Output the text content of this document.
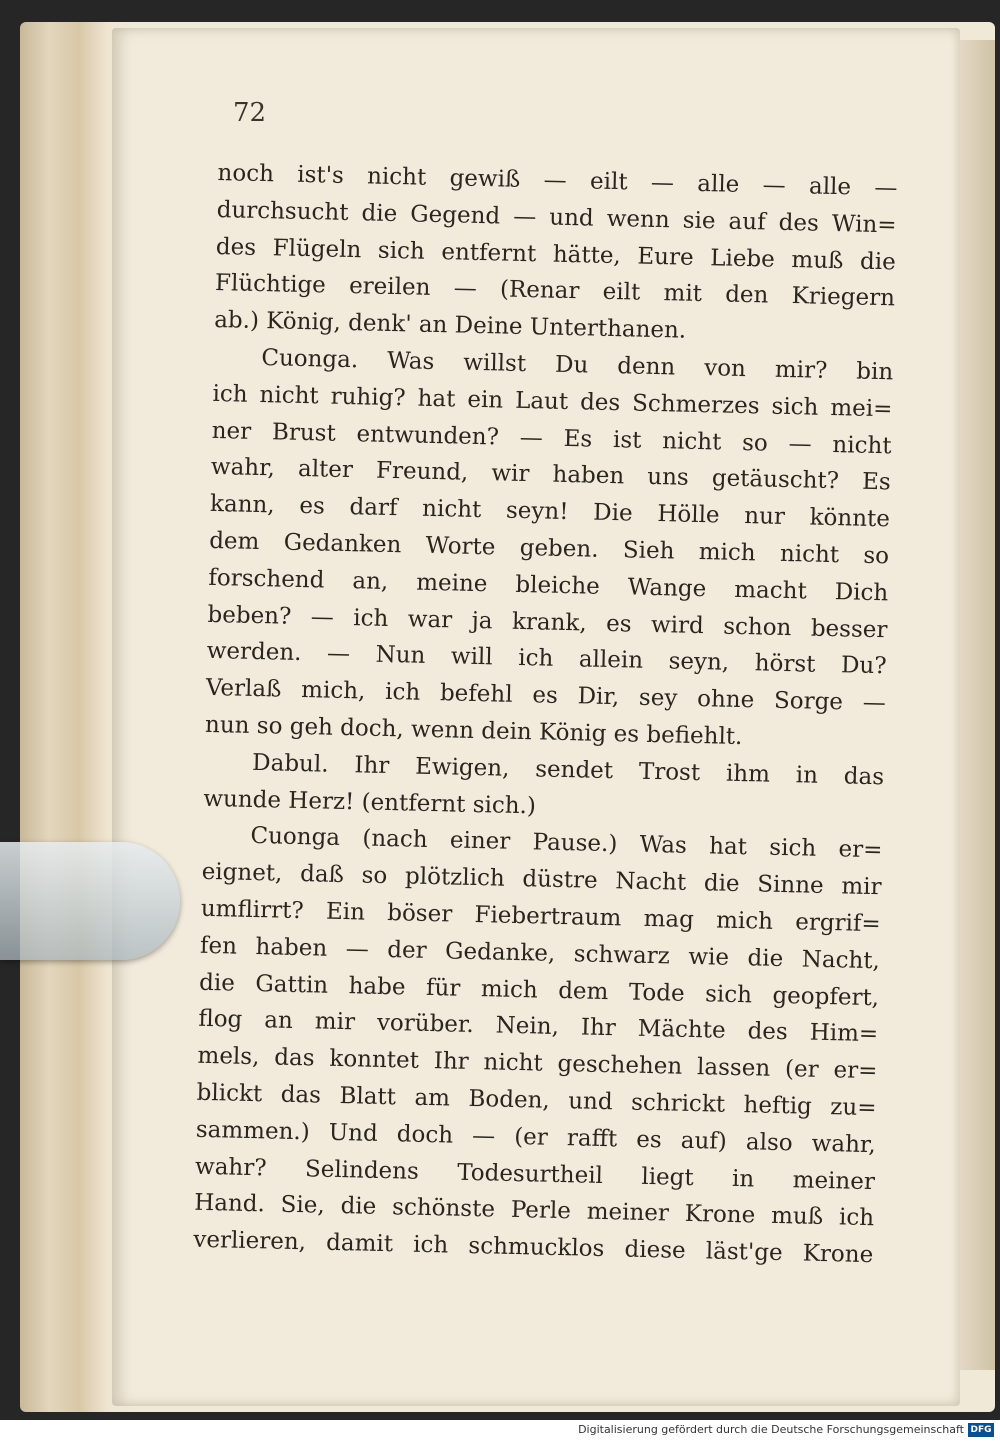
72
noch ist's nicht gewiß — eilt — alle — alle —
durchsucht die Gegend — und wenn sie auf des Win=
des Flügeln sich entfernt hätte, Eure Liebe muß die
Flüchtige ereilen — (Renar eilt mit den Kriegern
ab.) König, denk' an Deine Unterthanen.
Cuonga. Was willst Du denn von mir? bin
ich nicht ruhig? hat ein Laut des Schmerzes sich mei=
ner Brust entwunden? — Es ist nicht so — nicht
wahr, alter Freund, wir haben uns getäuscht? Es
kann, es darf nicht seyn! Die Hölle nur könnte
dem Gedanken Worte geben. Sieh mich nicht so
forschend an, meine bleiche Wange macht Dich
beben? — ich war ja krank, es wird schon besser
werden. — Nun will ich allein seyn, hörst Du?
Verlaß mich, ich befehl es Dir, sey ohne Sorge —
nun so geh doch, wenn dein König es befiehlt.
Dabul. Ihr Ewigen, sendet Trost ihm in das
wunde Herz! (entfernt sich.)
Cuonga (nach einer Pause.) Was hat sich er=
eignet, daß so plötzlich düstre Nacht die Sinne mir
umflirrt? Ein böser Fiebertraum mag mich ergrif=
fen haben — der Gedanke, schwarz wie die Nacht,
die Gattin habe für mich dem Tode sich geopfert,
flog an mir vorüber. Nein, Ihr Mächte des Him=
mels, das konntet Ihr nicht geschehen lassen (er er=
blickt das Blatt am Boden, und schrickt heftig zu=
sammen.) Und doch — (er rafft es auf) also wahr,
wahr? Selindens Todesurtheil liegt in meiner
Hand. Sie, die schönste Perle meiner Krone muß ich
verlieren, damit ich schmucklos diese läst'ge Krone
Digitalisierung gefördert durch die Deutsche Forschungsgemeinschaft DFG
